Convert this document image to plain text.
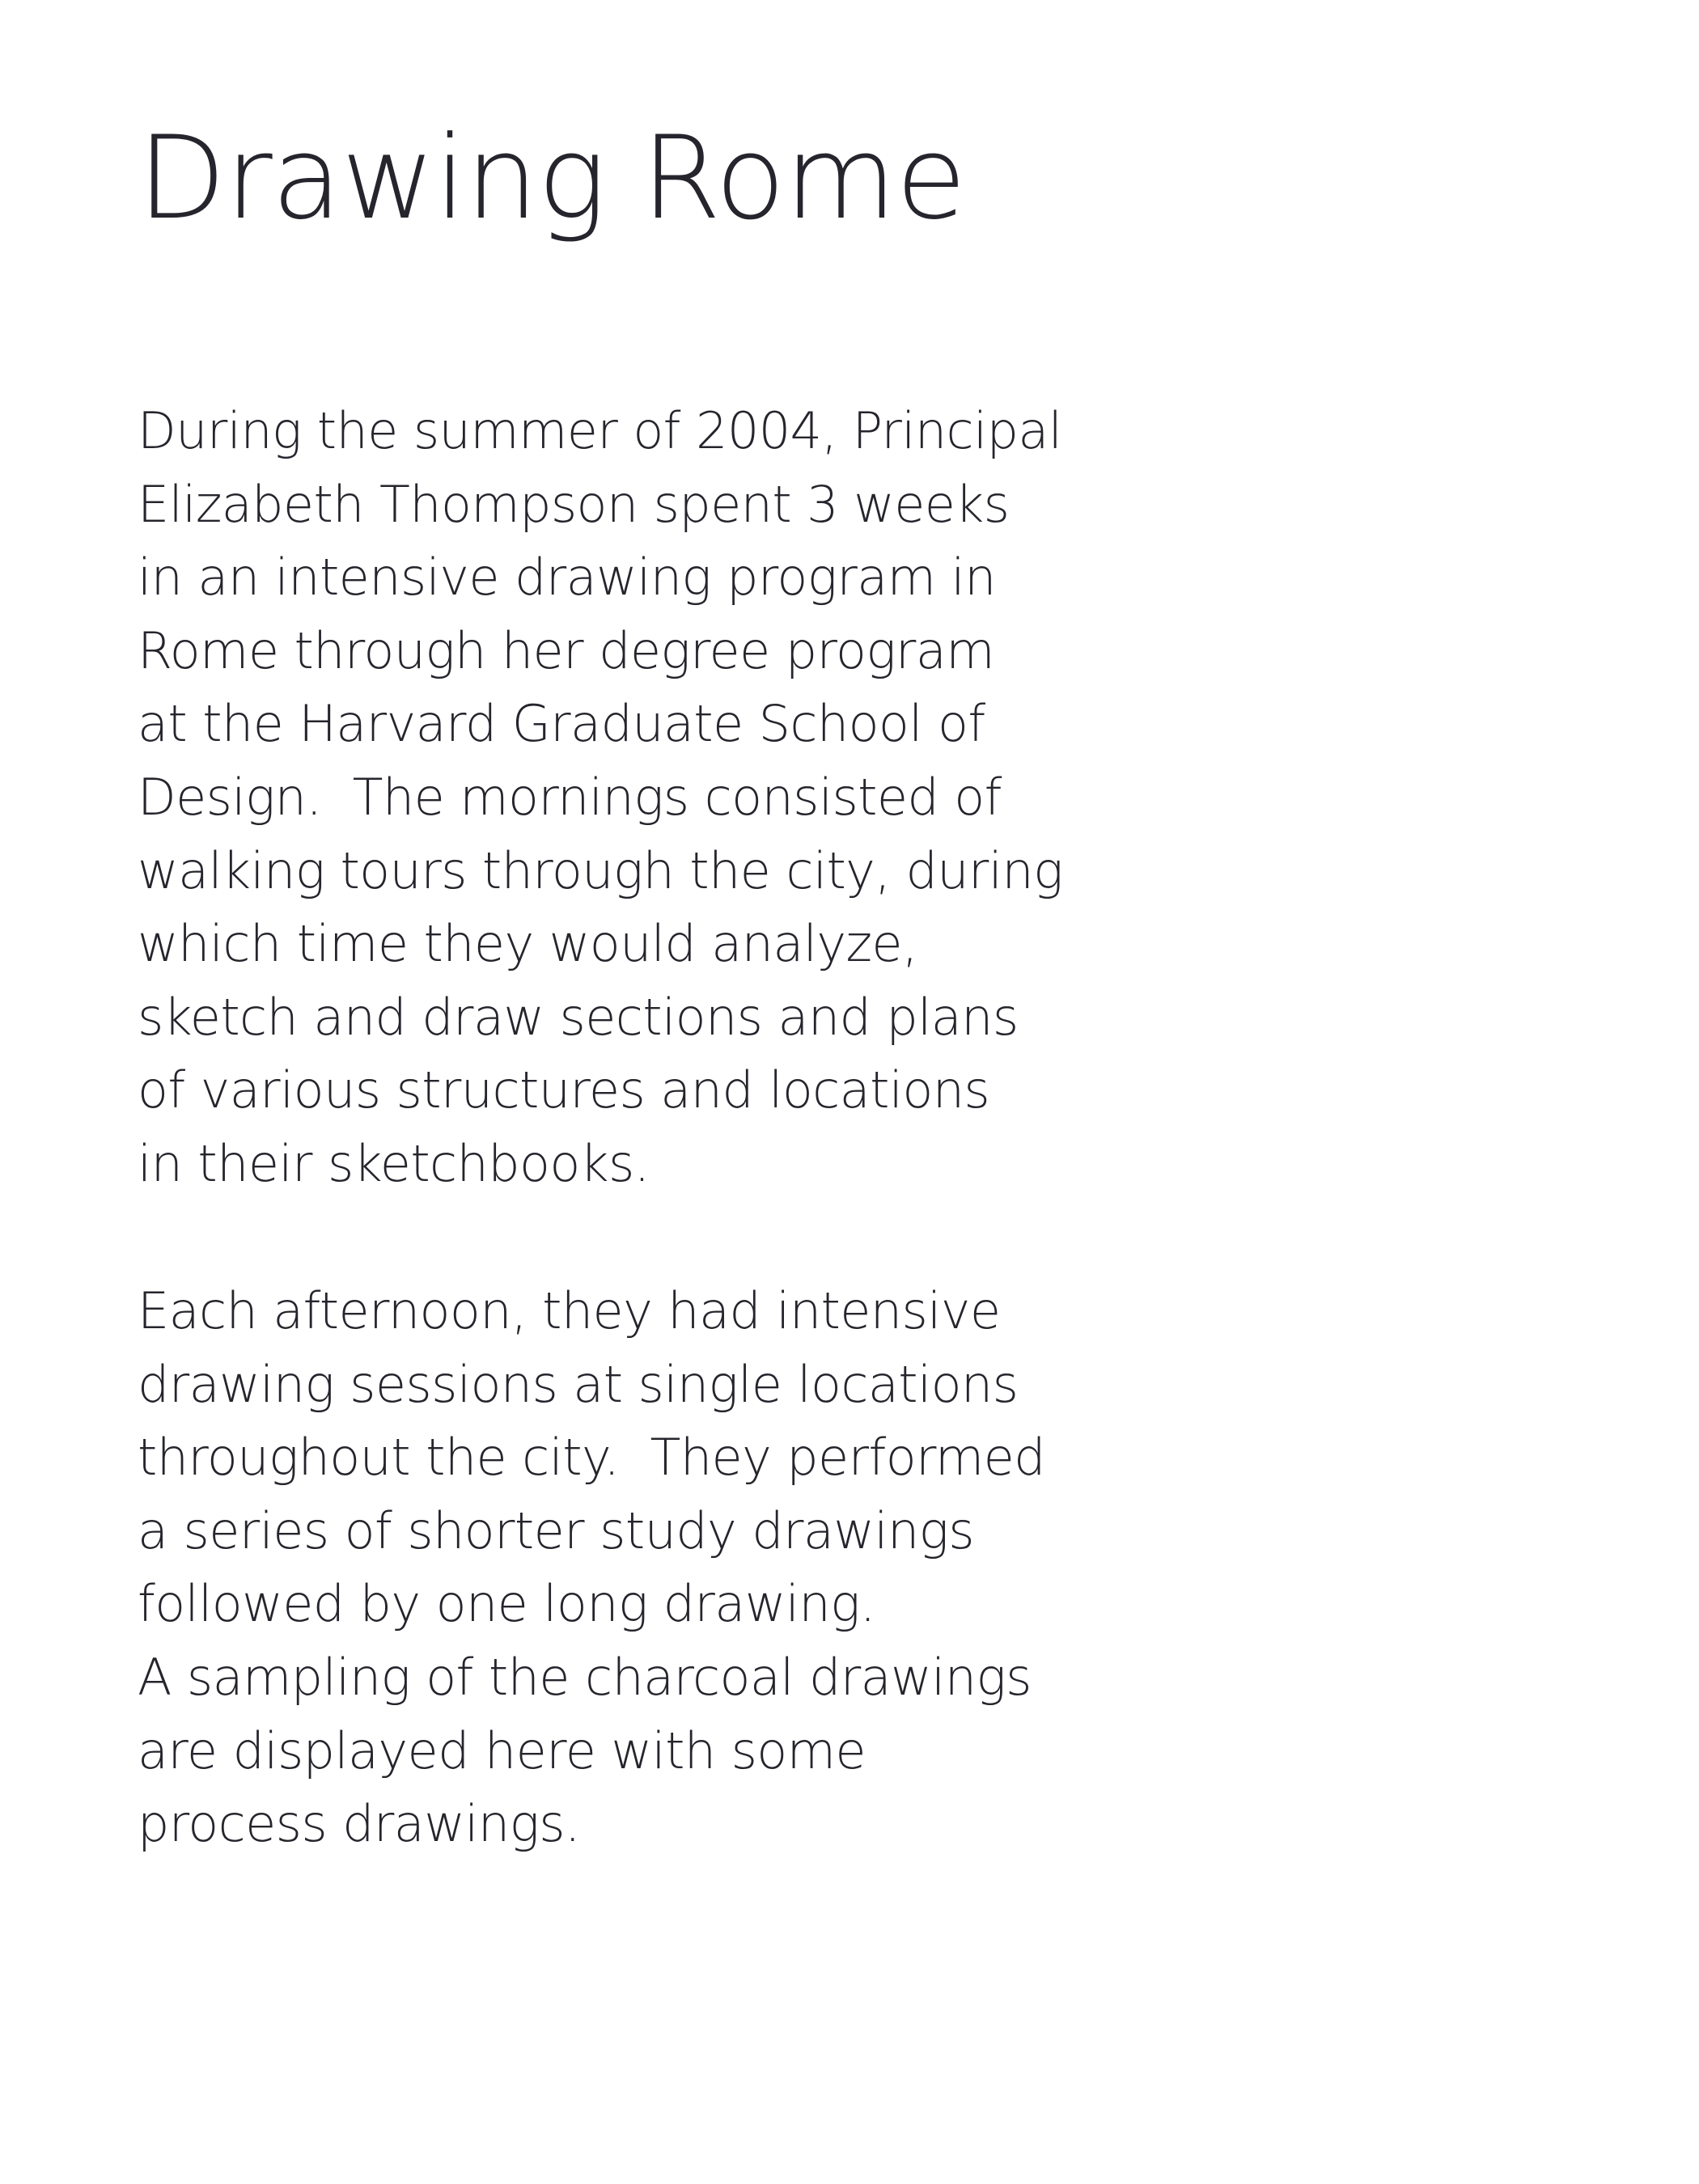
Drawing Rome
During the summer of 2004, Principal
Elizabeth Thompson spent 3 weeks
in an intensive drawing program in
Rome through her degree program
at the Harvard Graduate School of
Design.  The mornings consisted of
walking tours through the city, during
which time they would analyze,
sketch and draw sections and plans
of various structures and locations
in their sketchbooks.
Each afternoon, they had intensive
drawing sessions at single locations
throughout the city.  They performed
a series of shorter study drawings
followed by one long drawing.
A sampling of the charcoal drawings
are displayed here with some
process drawings.
